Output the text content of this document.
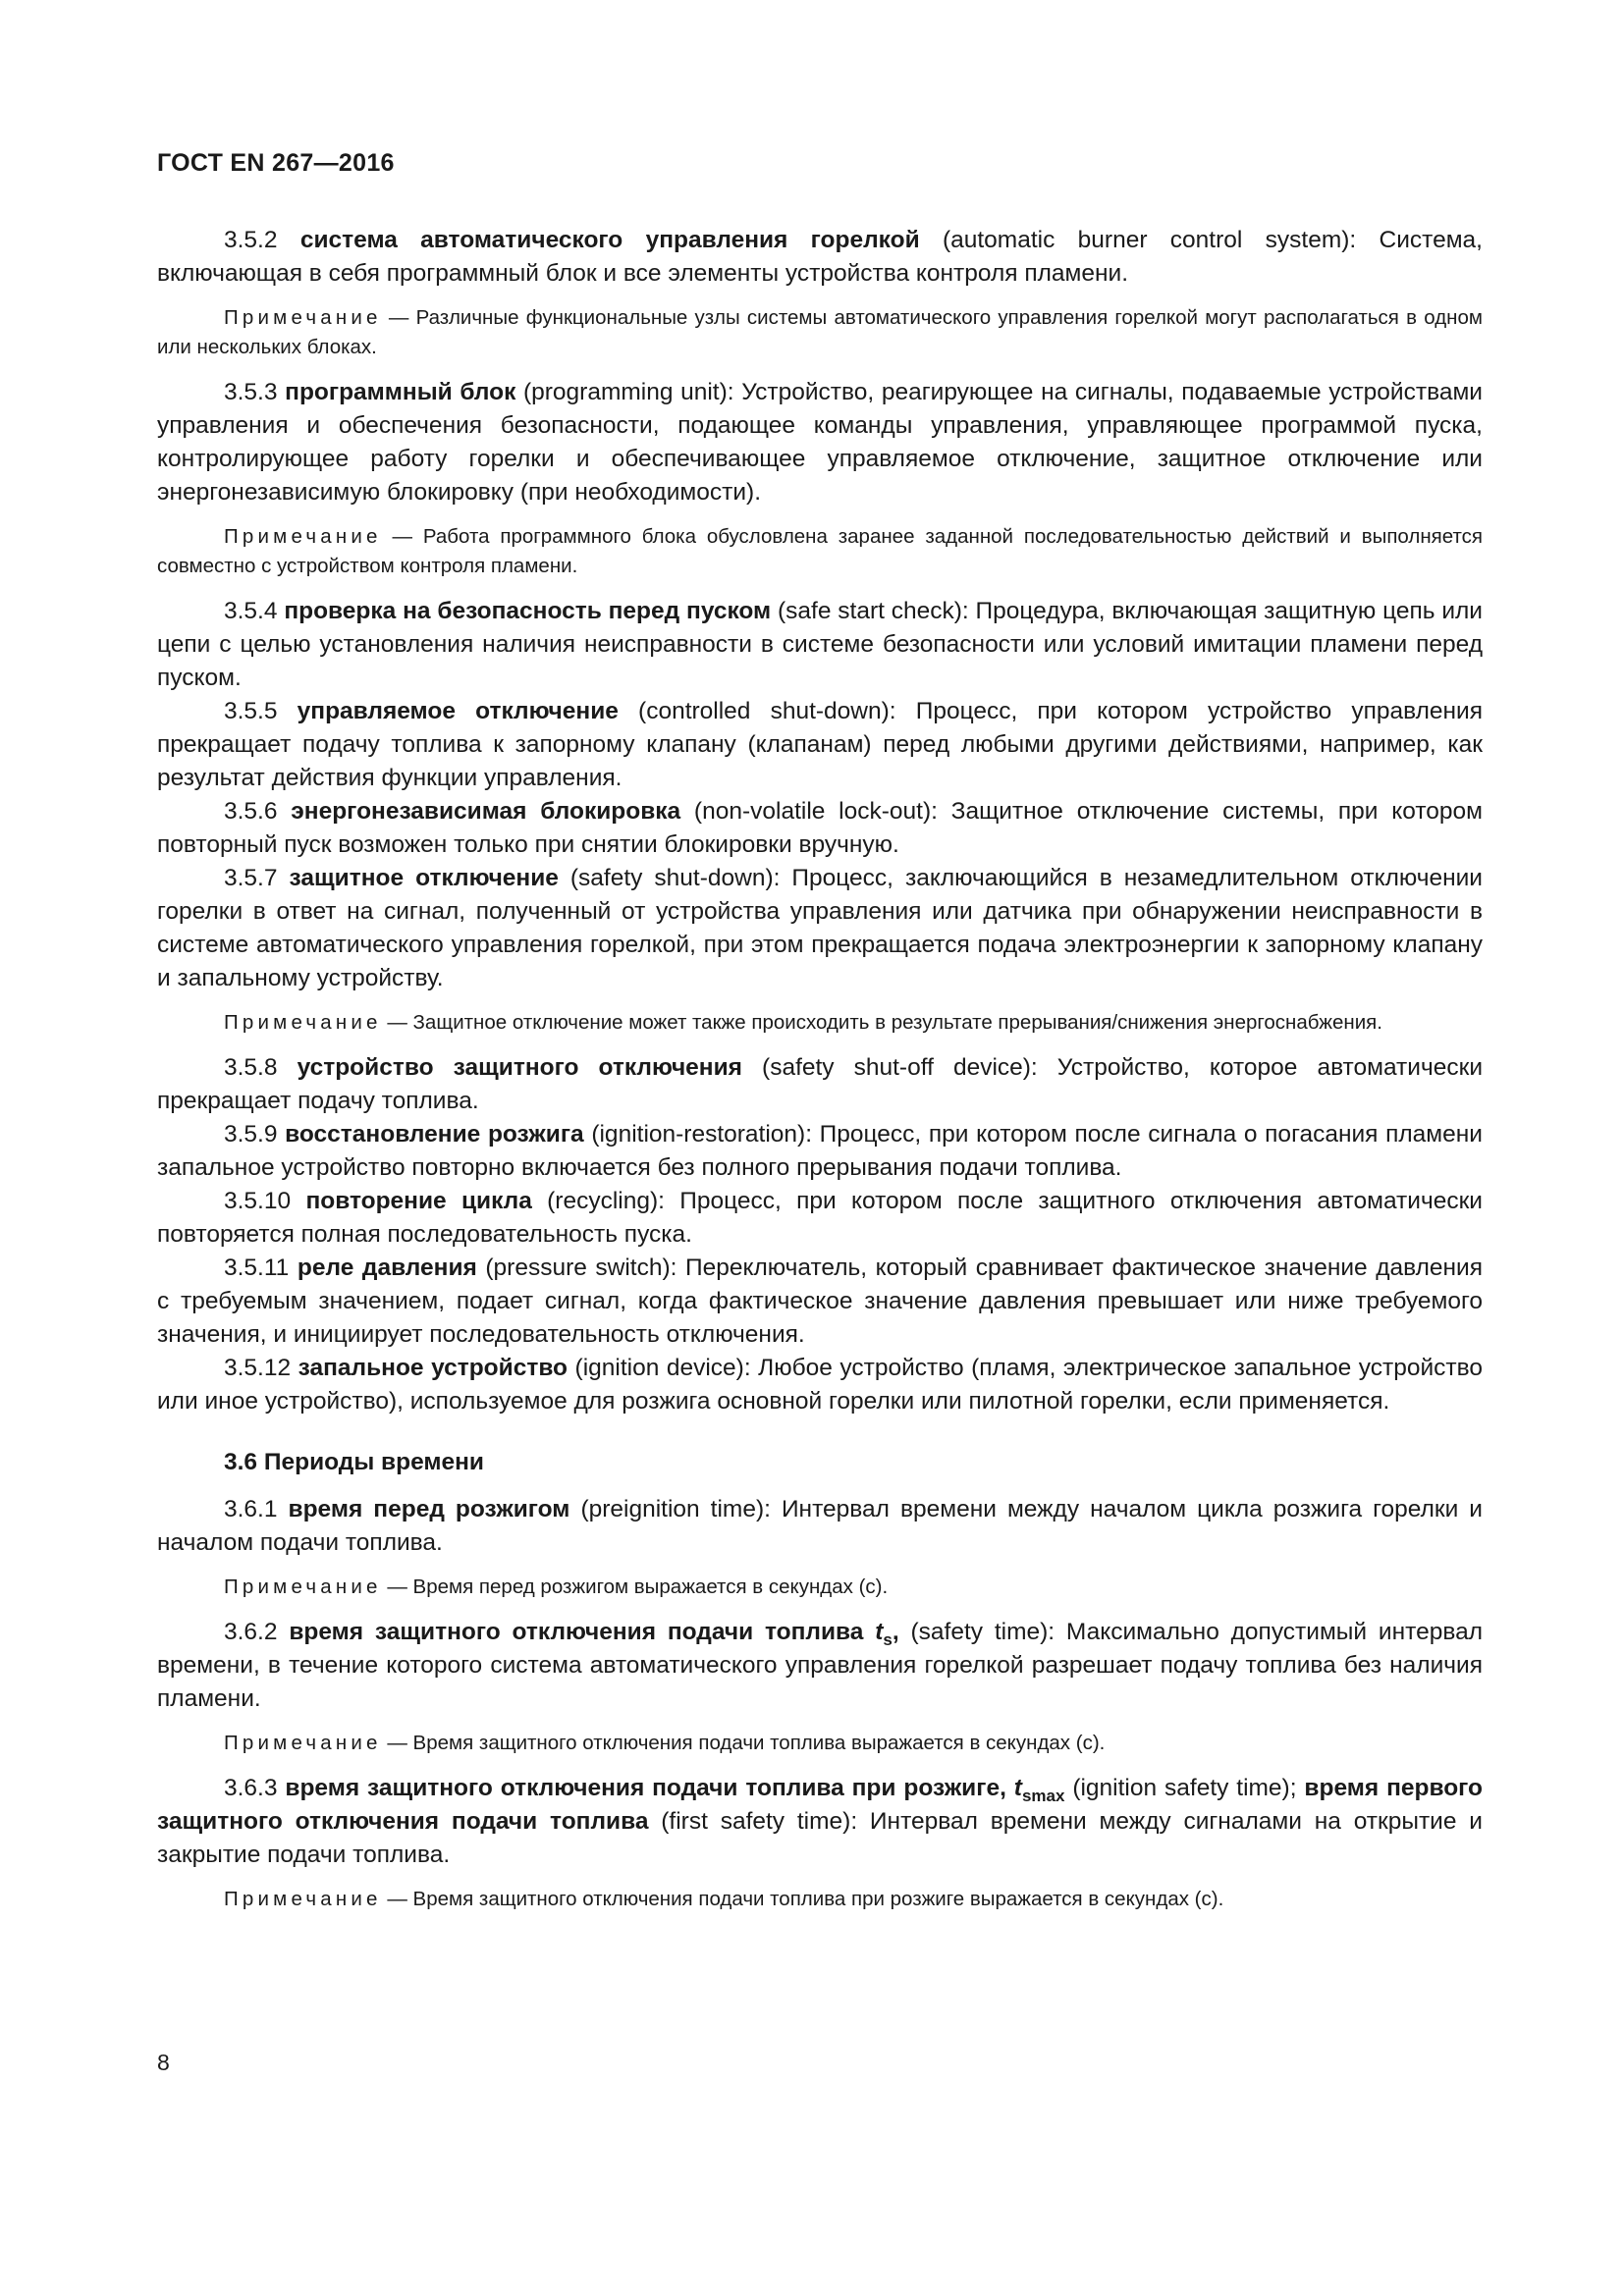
ГОСТ EN 267—2016

3.5.2 система автоматического управления горелкой (automatic burner control system): Система, включающая в себя программный блок и все элементы устройства контроля пламени.

Примечание — Различные функциональные узлы системы автоматического управления горелкой могут располагаться в одном или нескольких блоках.

3.5.3 программный блок (programming unit): Устройство, реагирующее на сигналы, подаваемые устройствами управления и обеспечения безопасности, подающее команды управления, управляющее программой пуска, контролирующее работу горелки и обеспечивающее управляемое отключение, защитное отключение или энергонезависимую блокировку (при необходимости).

Примечание — Работа программного блока обусловлена заранее заданной последовательностью действий и выполняется совместно с устройством контроля пламени.

3.5.4 проверка на безопасность перед пуском (safe start check): Процедура, включающая защитную цепь или цепи с целью установления наличия неисправности в системе безопасности или условий имитации пламени перед пуском.

3.5.5 управляемое отключение (controlled shut-down): Процесс, при котором устройство управления прекращает подачу топлива к запорному клапану (клапанам) перед любыми другими действиями, например, как результат действия функции управления.

3.5.6 энергонезависимая блокировка (non-volatile lock-out): Защитное отключение системы, при котором повторный пуск возможен только при снятии блокировки вручную.

3.5.7 защитное отключение (safety shut-down): Процесс, заключающийся в незамедлительном отключении горелки в ответ на сигнал, полученный от устройства управления или датчика при обнаружении неисправности в системе автоматического управления горелкой, при этом прекращается подача электроэнергии к запорному клапану и запальному устройству.

Примечание — Защитное отключение может также происходить в результате прерывания/снижения энергоснабжения.

3.5.8 устройство защитного отключения (safety shut-off device): Устройство, которое автоматически прекращает подачу топлива.

3.5.9 восстановление розжига (ignition-restoration): Процесс, при котором после сигнала о погасания пламени запальное устройство повторно включается без полного прерывания подачи топлива.

3.5.10 повторение цикла (recycling): Процесс, при котором после защитного отключения автоматически повторяется полная последовательность пуска.

3.5.11 реле давления (pressure switch): Переключатель, который сравнивает фактическое значение давления с требуемым значением, подает сигнал, когда фактическое значение давления превышает или ниже требуемого значения, и инициирует последовательность отключения.

3.5.12 запальное устройство (ignition device): Любое устройство (пламя, электрическое запальное устройство или иное устройство), используемое для розжига основной горелки или пилотной горелки, если применяется.

3.6 Периоды времени

3.6.1 время перед розжигом (preignition time): Интервал времени между началом цикла розжига горелки и началом подачи топлива.

Примечание — Время перед розжигом выражается в секундах (с).

3.6.2 время защитного отключения подачи топлива $t_s$, (safety time): Максимально допустимый интервал времени, в течение которого система автоматического управления горелкой разрешает подачу топлива без наличия пламени.

Примечание — Время защитного отключения подачи топлива выражается в секундах (с).

3.6.3 время защитного отключения подачи топлива при розжиге, $t_{smax}$ (ignition safety time); время первого защитного отключения подачи топлива (first safety time): Интервал времени между сигналами на открытие и закрытие подачи топлива.

Примечание — Время защитного отключения подачи топлива при розжиге выражается в секундах (с).

8
